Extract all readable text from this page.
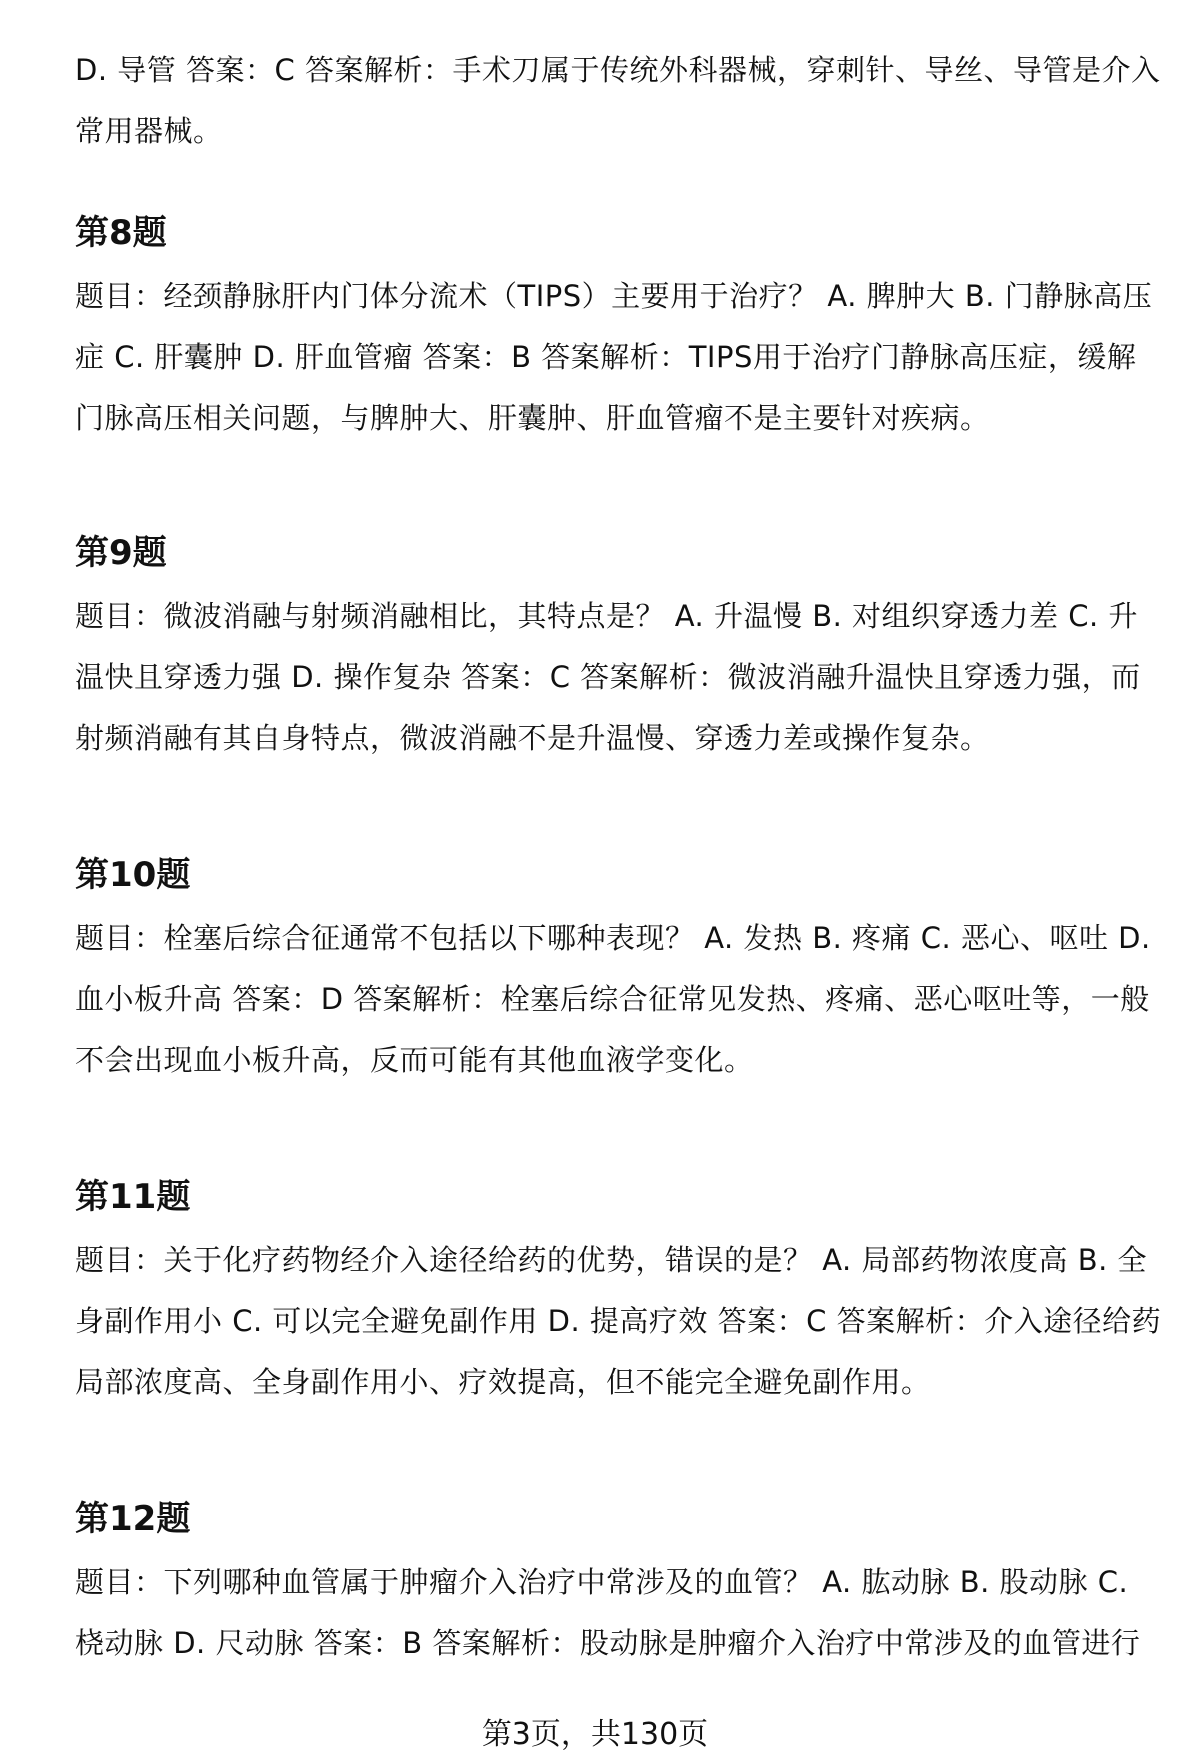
D. 导管 答案：C 答案解析：手术刀属于传统外科器械，穿刺针、导丝、导管是介入常用器械。

第8题

题目：经颈静脉肝内门体分流术（TIPS）主要用于治疗？ A. 脾肿大 B. 门静脉高压症 C. 肝囊肿 D. 肝血管瘤 答案：B 答案解析：TIPS用于治疗门静脉高压症，缓解门脉高压相关问题，与脾肿大、肝囊肿、肝血管瘤不是主要针对疾病。

第9题

题目：微波消融与射频消融相比，其特点是？ A. 升温慢 B. 对组织穿透力差 C. 升温快且穿透力强 D. 操作复杂 答案：C 答案解析：微波消融升温快且穿透力强，而射频消融有其自身特点，微波消融不是升温慢、穿透力差或操作复杂。

第10题

题目：栓塞后综合征通常不包括以下哪种表现？ A. 发热 B. 疼痛 C. 恶心、呕吐 D. 血小板升高 答案：D 答案解析：栓塞后综合征常见发热、疼痛、恶心呕吐等，一般不会出现血小板升高，反而可能有其他血液学变化。

第11题

题目：关于化疗药物经介入途径给药的优势，错误的是？ A. 局部药物浓度高 B. 全身副作用小 C. 可以完全避免副作用 D. 提高疗效 答案：C 答案解析：介入途径给药局部浓度高、全身副作用小、疗效提高，但不能完全避免副作用。

第12题

题目：下列哪种血管属于肿瘤介入治疗中常涉及的血管？ A. 肱动脉 B. 股动脉 C. 桡动脉 D. 尺动脉 答案：B 答案解析：股动脉是肿瘤介入治疗中常涉及的血管进行

第3页，共130页
